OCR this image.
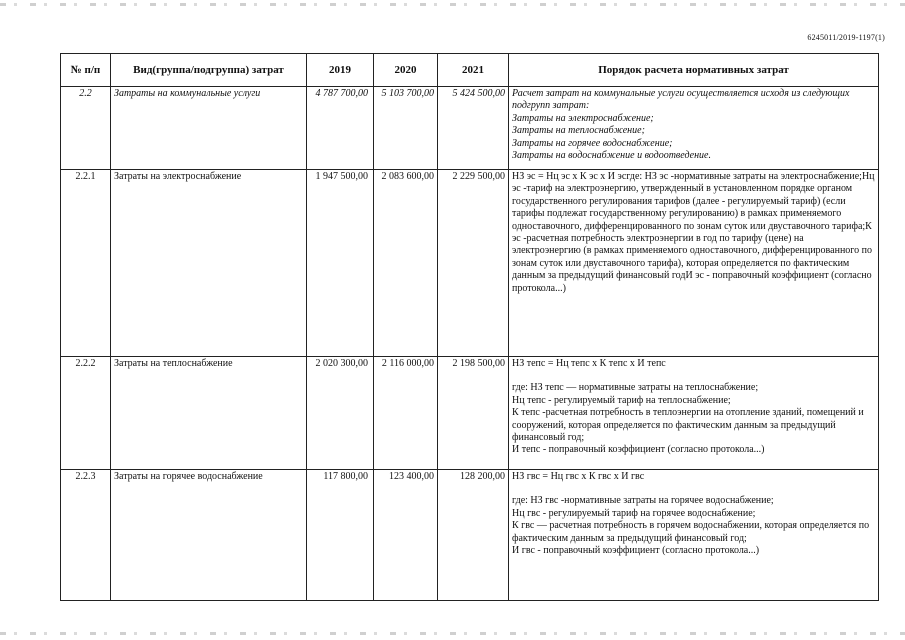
6245011/2019-1197(1)
№ п/п	Вид(группа/подгруппа) затрат	2019	2020	2021	Порядок расчета нормативных затрат
2.2	Затраты на коммунальные услуги	4 787 700,00	5 103 700,00	5 424 500,00	Расчет затрат на коммунальные услуги осуществляется исходя из следующих подгрупп затрат:
Затраты на электроснабжение;
Затраты на теплоснабжение;
Затраты на горячее водоснабжение;
Затраты на водоснабжение и водоотведение.

2.2.1	Затраты на электроснабжение	1 947 500,00	2 083 600,00	2 229 500,00	НЗ эс = Нц эс х К эс х И эсгде: НЗ эс -нормативные затраты на электроснабжение;Нц эс -тариф на электроэнергию, утвержденный в установленном порядке органом государственного регулирования тарифов (далее - регулируемый тариф) (если тарифы подлежат государственному регулированию) в рамках применяемого одноставочного, дифференцированного по зонам суток или двуставочного тарифа;К эс -расчетная потребность электроэнергии в год по тарифу (цене) на электроэнергию (в рамках применяемого одноставочного, дифференцированного по зонам суток или двуставочного тарифа), которая определяется по фактическим данным за предыдущий финансовый годИ эс - поправочный коэффициент (согласно протокола...)

2.2.2	Затраты на теплоснабжение	2 020 300,00	2 116 000,00	2 198 500,00	НЗ тепс = Нц тепс х К тепс х И тепс
где: НЗ тепс — нормативные затраты на теплоснабжение;
Нц тепс - регулируемый тариф на теплоснабжение;
К тепс -расчетная потребность в теплоэнергии на отопление зданий, помещений и сооружений, которая определяется по фактическим данным за предыдущий финансовый год;
И тепс - поправочный коэффициент (согласно протокола...)

2.2.3	Затраты на горячее водоснабжение	117 800,00	123 400,00	128 200,00	НЗ гвс = Нц гвс х К гвс х И гвс
где: НЗ гвс -нормативные затраты на горячее водоснабжение;
Нц гвс - регулируемый тариф на горячее водоснабжение;
К гвс — расчетная потребность в горячем водоснабжении, которая определяется по фактическим данным за предыдущий финансовый год;
И гвс - поправочный коэффициент (согласно протокола...)
